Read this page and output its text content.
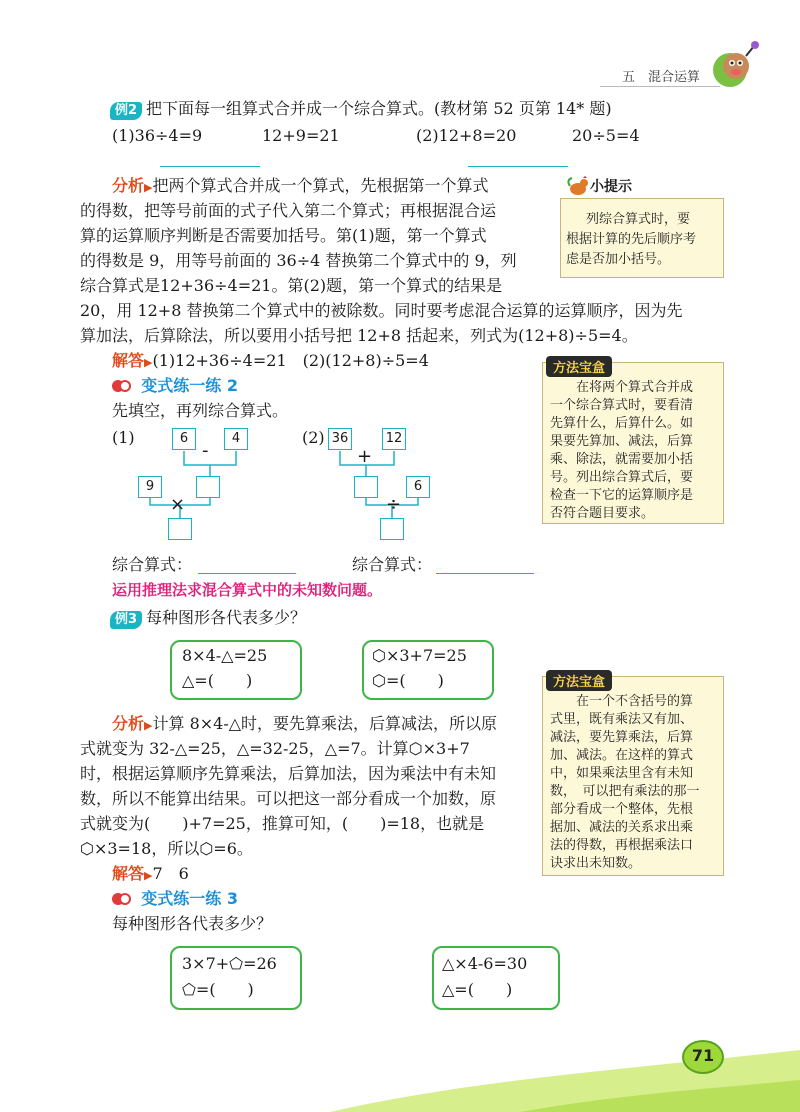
五 混合运算
例2 把下面每一组算式合并成一个综合算式。(教材第 52 页第 14* 题)
(1)36÷4=9	12+9=21	(2)12+8=20	20÷5=4
分析▶把两个算式合并成一个算式，先根据第一个算式
的得数，把等号前面的式子代入第二个算式；再根据混合运
算的运算顺序判断是否需要加括号。第(1)题，第一个算式
的得数是 9，用等号前面的 36÷4 替换第二个算式中的 9，列
综合算式是12+36÷4=21。第(2)题，第一个算式的结果是
20，用 12+8 替换第二个算式中的被除数。同时要考虑混合运算的运算顺序，因为先
算加法，后算除法，所以要用小括号把 12+8 括起来，列式为(12+8)÷5=4。
小提示
列综合算式时，要
根据计算的先后顺序考
虑是否加小括号。
解答▶(1)12+36÷4=21　(2)(12+8)÷5=4
变式练一练 2
先填空，再列综合算式。
(1)	6	4
-
9
×
(2) 36	12
+
6
÷
综合算式：	综合算式：
方法宝盒
在将两个算式合并成
一个综合算式时，要看清
先算什么，后算什么。如
果要先算加、减法，后算
乘、除法，就需要加小括
号。列出综合算式后，要
检查一下它的运算顺序是
否符合题目要求。
运用推理法求混合算式中的未知数问题。
例3 每种图形各代表多少？
8×4-△=25
△=(　　)
⬡×3+7=25
⬡=(　　)
分析▶计算 8×4-△时，要先算乘法，后算减法，所以原
式就变为 32-△=25，△=32-25，△=7。计算⬡×3+7
时，根据运算顺序先算乘法，后算加法，因为乘法中有未知
数，所以不能算出结果。可以把这一部分看成一个加数，原
式就变为(　　)+7=25，推算可知，(　　)=18，也就是
⬡×3=18，所以⬡=6。
解答▶7　6
方法宝盒
在一个不含括号的算
式里，既有乘法又有加、
减法，要先算乘法，后算
加、减法。在这样的算式
中，如果乘法里含有未知
数，　可以把有乘法的那一
部分看成一个整体，先根
据加、减法的关系求出乘
法的得数，再根据乘法口
诀求出未知数。
变式练一练 3
每种图形各代表多少？
3×7+⬠=26
⬠=(　　)
△×4-6=30
△=(　　)
71
